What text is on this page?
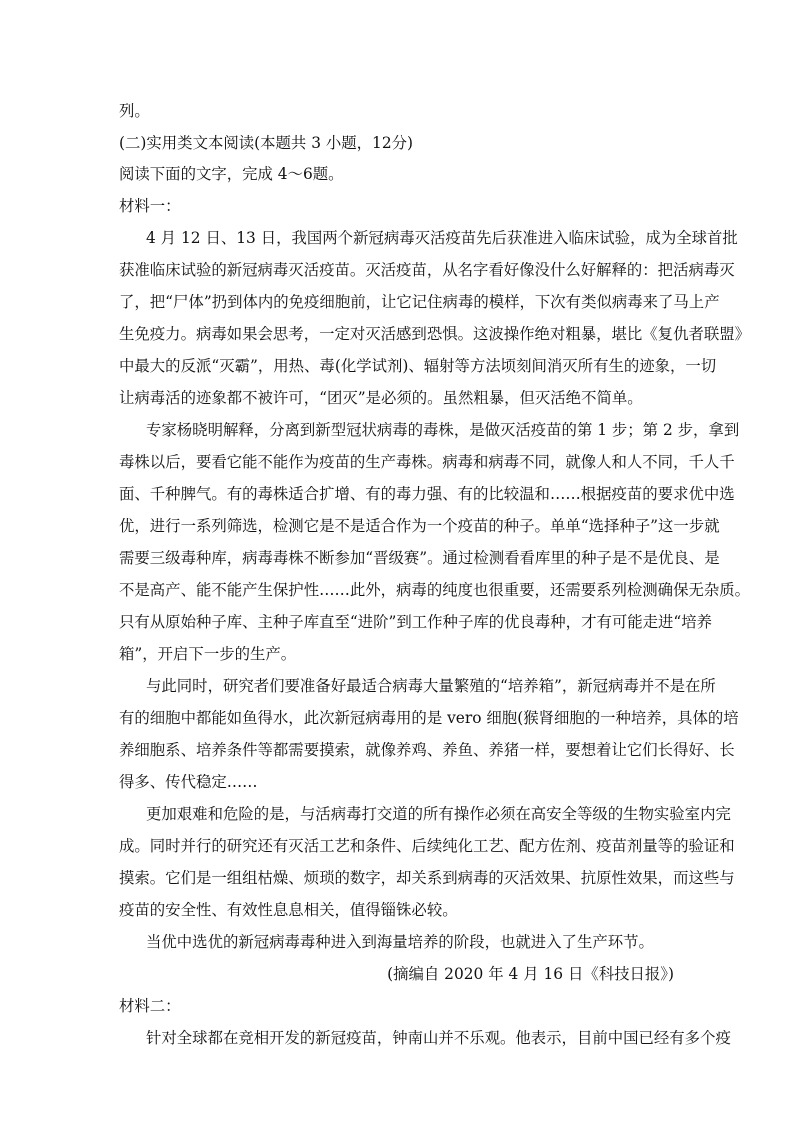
列。
(二)实用类文本阅读(本题共 3 小题，12分)
阅读下面的文字，完成 4～6题。
材料一：
4 月 12 日、13 日，我国两个新冠病毒灭活疫苗先后获准进入临床试验，成为全球首批
获准临床试验的新冠病毒灭活疫苗。灭活疫苗，从名字看好像没什么好解释的：把活病毒灭
了，把“尸体”扔到体内的免疫细胞前，让它记住病毒的模样，下次有类似病毒来了马上产
生免疫力。病毒如果会思考，一定对灭活感到恐惧。这波操作绝对粗暴，堪比《复仇者联盟》
中最大的反派“灭霸”，用热、毒(化学试剂)、辐射等方法顷刻间消灭所有生的迹象，一切
让病毒活的迹象都不被许可，“团灭”是必须的。虽然粗暴，但灭活绝不简单。
专家杨晓明解释，分离到新型冠状病毒的毒株，是做灭活疫苗的第 1 步；第 2 步，拿到
毒株以后，要看它能不能作为疫苗的生产毒株。病毒和病毒不同，就像人和人不同，千人千
面、千种脾气。有的毒株适合扩增、有的毒力强、有的比较温和……根据疫苗的要求优中选
优，进行一系列筛选，检测它是不是适合作为一个疫苗的种子。单单“选择种子”这一步就
需要三级毒种库，病毒毒株不断参加“晋级赛”。通过检测看看库里的种子是不是优良、是
不是高产、能不能产生保护性……此外，病毒的纯度也很重要，还需要系列检测确保无杂质。
只有从原始种子库、主种子库直至“进阶”到工作种子库的优良毒种，才有可能走进“培养
箱”，开启下一步的生产。
与此同时，研究者们要准备好最适合病毒大量繁殖的“培养箱”，新冠病毒并不是在所
有的细胞中都能如鱼得水，此次新冠病毒用的是 vero 细胞(猴肾细胞的一种培养，具体的培
养细胞系、培养条件等都需要摸索，就像养鸡、养鱼、养猪一样，要想着让它们长得好、长
得多、传代稳定……
更加艰难和危险的是，与活病毒打交道的所有操作必须在高安全等级的生物实验室内完
成。同时并行的研究还有灭活工艺和条件、后续纯化工艺、配方佐剂、疫苗剂量等的验证和
摸索。它们是一组组枯燥、烦琐的数字，却关系到病毒的灭活效果、抗原性效果，而这些与
疫苗的安全性、有效性息息相关，值得锱铢必较。
当优中选优的新冠病毒毒种进入到海量培养的阶段，也就进入了生产环节。
(摘编自 2020 年 4 月 16 日《科技日报》)
材料二：
针对全球都在竞相开发的新冠疫苗，钟南山并不乐观。他表示，目前中国已经有多个疫
